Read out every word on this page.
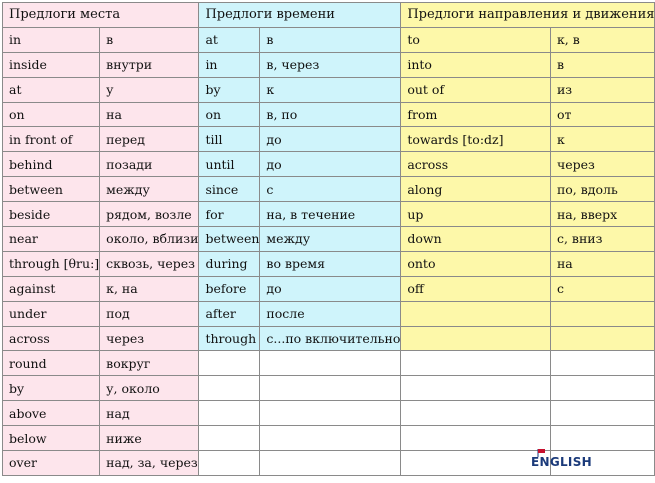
Предлоги места		Предлоги времени		Предлоги направления и движения	
in	в	at	в	to	к, в
inside	внутри	in	в, через	into	в
at	у	by	к	out of	из
on	на	on	в, по	from	от
in front of	перед	till	до	towards [to:dz]	к
behind	позади	until	до	across	через
between	между	since	с	along	по, вдоль
beside	рядом, возле	for	на, в течение	up	на, вверх
near	около, вблизи	between	между	down	с, вниз
through [θru:]	сквозь, через	during	во время	onto	на
against	к, на	before	до	off	с
under	под	after	после		
across	через	through	с...по включительно		
round	вокруг				
by	у, около				
above	над				
below	ниже				
over	над, за, через					ENGLISH
